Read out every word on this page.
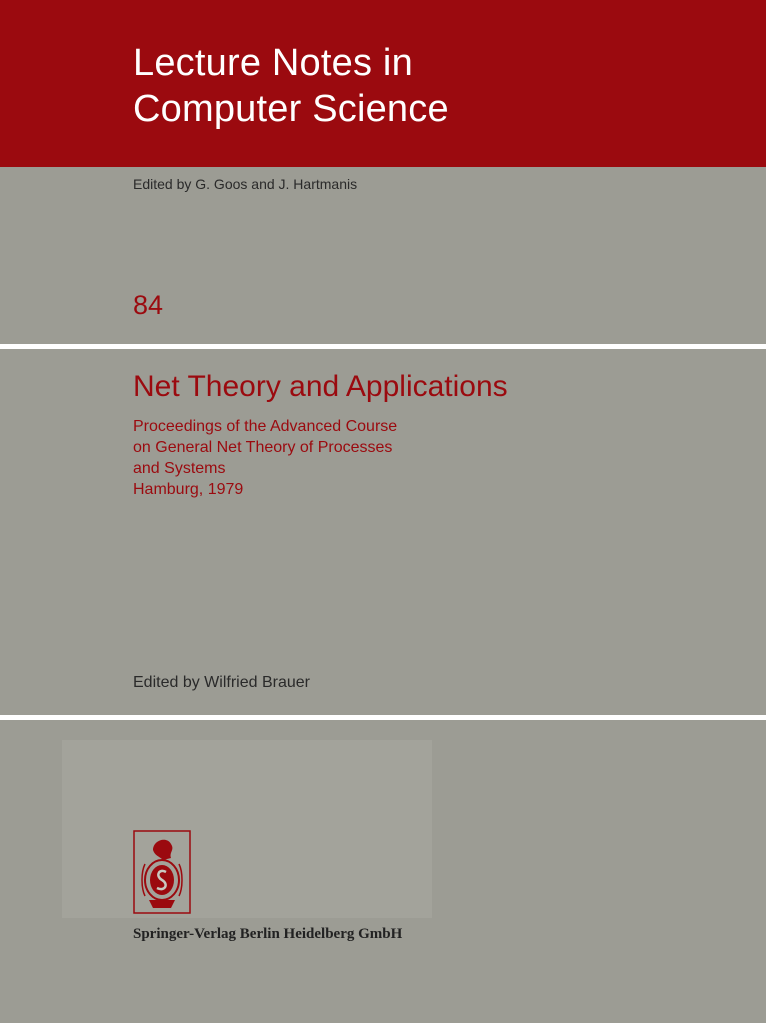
Lecture Notes in
Computer Science
Edited by G. Goos and J. Hartmanis
84
Net Theory and Applications
Proceedings of the Advanced Course
on General Net Theory of Processes
and Systems
Hamburg, 1979
Edited by Wilfried Brauer
Springer-Verlag Berlin Heidelberg GmbH
